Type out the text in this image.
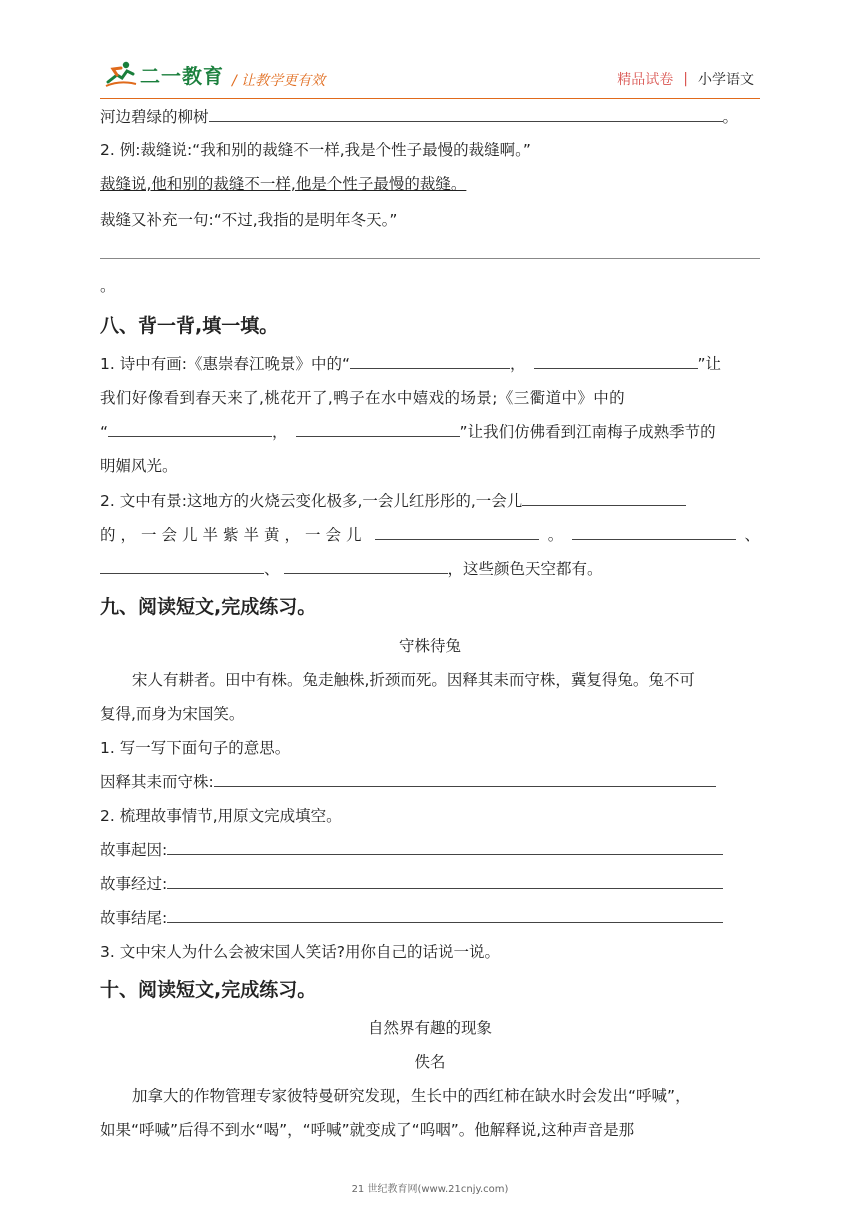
二一教育 / 让教学更有效	精品试卷 | 小学语文
河边碧绿的柳树	。
2. 例:裁缝说:“我和别的裁缝不一样,我是个性子最慢的裁缝啊。”
裁缝说,他和别的裁缝不一样,他是个性子最慢的裁缝。
裁缝又补充一句:“不过,我指的是明年冬天。”
。
八、背一背,填一填。
1. 诗中有画:《惠崇春江晚景》中的“	，	”让
我们好像看到春天来了,桃花开了,鸭子在水中嬉戏的场景;《三衢道中》中的
“	，	”让我们仿佛看到江南梅子成熟季节的
明媚风光。
2. 文中有景:这地方的火烧云变化极多,一会儿红彤彤的,一会儿
的，一会儿半紫半黄，一会儿	。	、
、	，这些颜色天空都有。
九、阅读短文,完成练习。
守株待兔
宋人有耕者。田中有株。兔走触株,折颈而死。因释其耒而守株，冀复得兔。兔不可
复得,而身为宋国笑。
1. 写一写下面句子的意思。
因释其耒而守株:
2. 梳理故事情节,用原文完成填空。
故事起因:
故事经过:
故事结尾:
3. 文中宋人为什么会被宋国人笑话?用你自己的话说一说。
十、阅读短文,完成练习。
自然界有趣的现象
佚名
加拿大的作物管理专家彼特曼研究发现，生长中的西红柿在缺水时会发出“呼喊”，
如果“呼喊”后得不到水“喝”，“呼喊”就变成了“呜咽”。他解释说,这种声音是那
21 世纪教育网(www.21cnjy.com)
